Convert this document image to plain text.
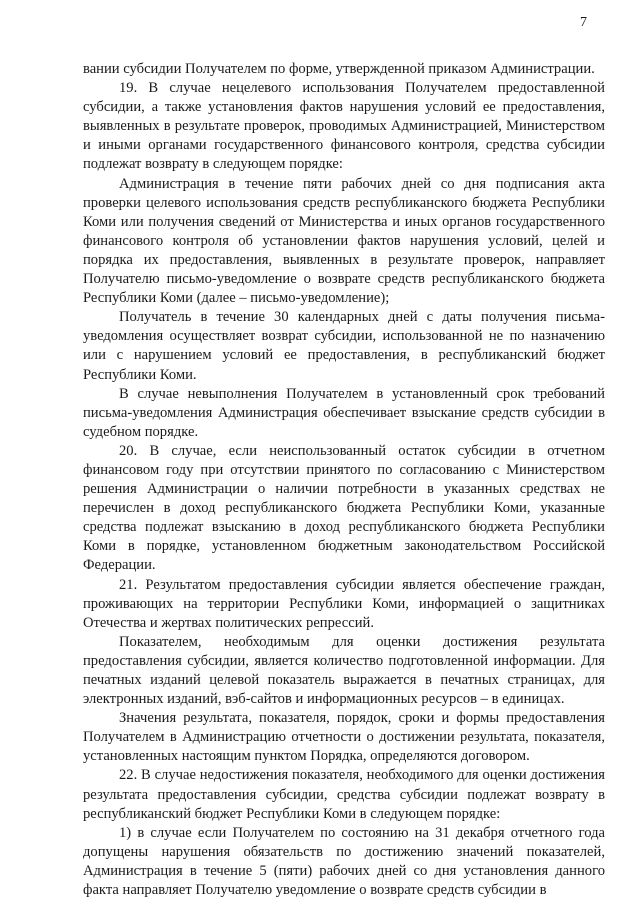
7

вании субсидии Получателем по форме, утвержденной приказом Администрации.

19. В случае нецелевого использования Получателем предоставленной субсидии, а также установления фактов нарушения условий ее предоставления, выявленных в результате проверок, проводимых Администрацией, Министерством и иными органами государственного финансового контроля, средства субсидии подлежат возврату в следующем порядке:

Администрация в течение пяти рабочих дней со дня подписания акта проверки целевого использования средств республиканского бюджета Республики Коми или получения сведений от Министерства и иных органов государственного финансового контроля об установлении фактов нарушения условий, целей и порядка их предоставления, выявленных в результате проверок, направляет Получателю письмо-уведомление о возврате средств республиканского бюджета Республики Коми (далее – письмо-уведомление);

Получатель в течение 30 календарных дней с даты получения письма-уведомления осуществляет возврат субсидии, использованной не по назначению или с нарушением условий ее предоставления, в республиканский бюджет Республики Коми.

В случае невыполнения Получателем в установленный срок требований письма-уведомления Администрация обеспечивает взыскание средств субсидии в судебном порядке.

20. В случае, если неиспользованный остаток субсидии в отчетном финансовом году при отсутствии принятого по согласованию с Министерством решения Администрации о наличии потребности в указанных средствах не перечислен в доход республиканского бюджета Республики Коми, указанные средства подлежат взысканию в доход республиканского бюджета Республики Коми в порядке, установленном бюджетным законодательством Российской Федерации.

21. Результатом предоставления субсидии является обеспечение граждан, проживающих на территории Республики Коми, информацией о защитниках Отечества и жертвах политических репрессий.

Показателем, необходимым для оценки достижения результата предоставления субсидии, является количество подготовленной информации. Для печатных изданий целевой показатель выражается в печатных страницах, для электронных изданий, вэб-сайтов и информационных ресурсов – в единицах.

Значения результата, показателя, порядок, сроки и формы предоставления Получателем в Администрацию отчетности о достижении результата, показателя, установленных настоящим пунктом Порядка, определяются договором.

22. В случае недостижения показателя, необходимого для оценки достижения результата предоставления субсидии, средства субсидии подлежат возврату в республиканский бюджет Республики Коми в следующем порядке:

1) в случае если Получателем по состоянию на 31 декабря отчетного года допущены нарушения обязательств по достижению значений показателей, Администрация в течение 5 (пяти) рабочих дней со дня установления данного факта направляет Получателю уведомление о возврате средств субсидии в
